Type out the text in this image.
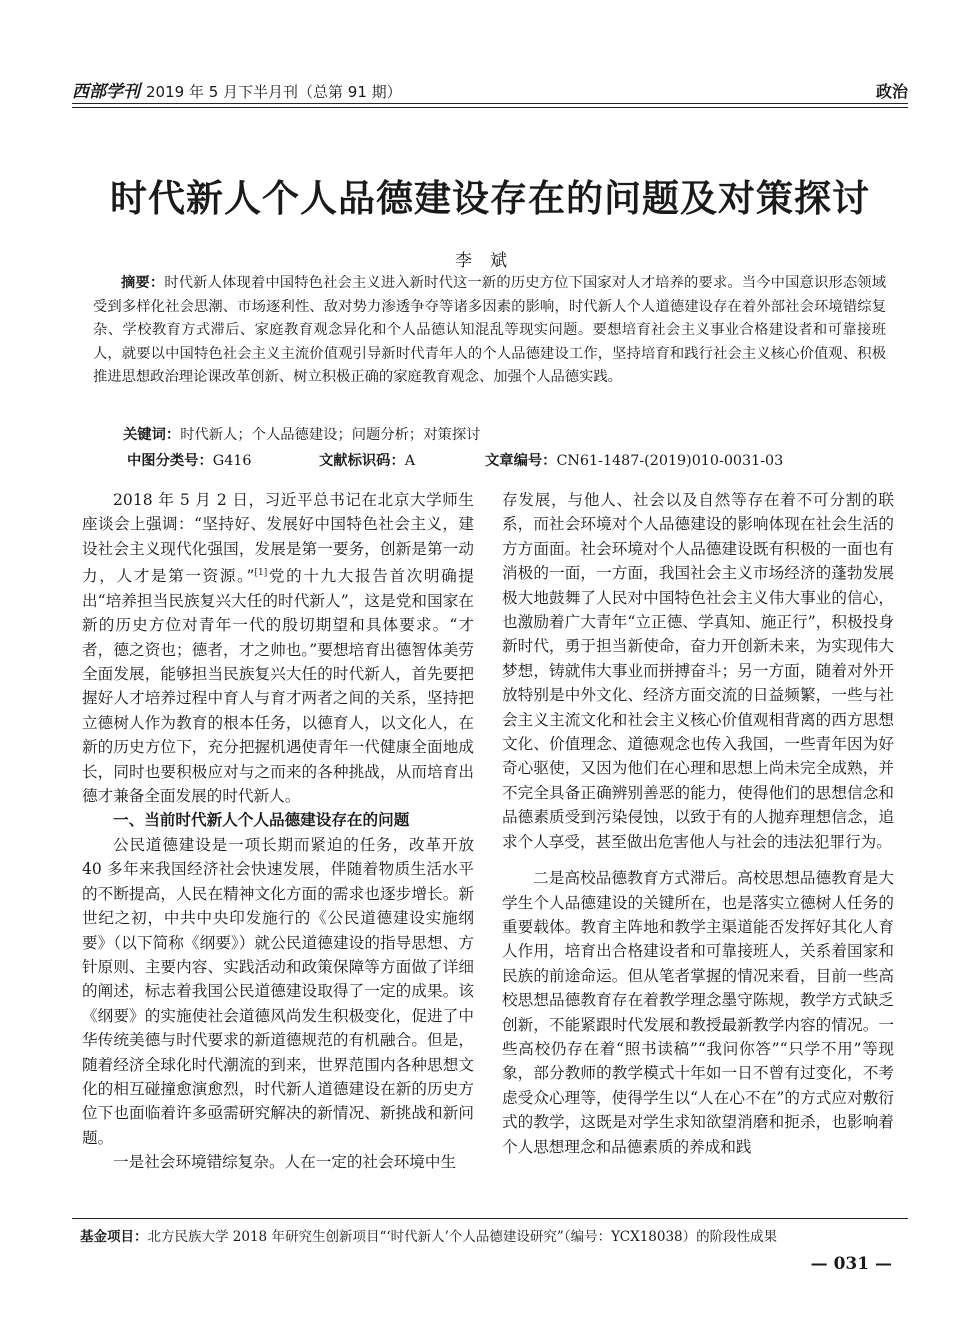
西部学刊 2019 年 5 月下半月刊（总第 91 期）	政治
时代新人个人品德建设存在的问题及对策探讨
李斌
摘要：时代新人体现着中国特色社会主义进入新时代这一新的历史方位下国家对人才培养的要求。当今中国意识形态领域受到多样化社会思潮、市场逐利性、敌对势力渗透争夺等诸多因素的影响，时代新人个人道德建设存在着外部社会环境错综复杂、学校教育方式滞后、家庭教育观念异化和个人品德认知混乱等现实问题。要想培育社会主义事业合格建设者和可靠接班人，就要以中国特色社会主义主流价值观引导新时代青年人的个人品德建设工作，坚持培育和践行社会主义核心价值观、积极推进思想政治理论课改革创新、树立积极正确的家庭教育观念、加强个人品德实践。
关键词：时代新人；个人品德建设；问题分析；对策探讨
中图分类号：G416	文献标识码：A	文章编号：CN61-1487-(2019)010-0031-03

2018 年 5 月 2 日，习近平总书记在北京大学师生座谈会上强调：“坚持好、发展好中国特色社会主义，建设社会主义现代化强国，发展是第一要务，创新是第一动力，人才是第一资源。”[1]党的十九大报告首次明确提出“培养担当民族复兴大任的时代新人”，这是党和国家在新的历史方位对青年一代的殷切期望和具体要求。“才者，德之资也；德者，才之帅也。”要想培育出德智体美劳全面发展，能够担当民族复兴大任的时代新人，首先要把握好人才培养过程中育人与育才两者之间的关系，坚持把立德树人作为教育的根本任务，以德育人，以文化人，在新的历史方位下，充分把握机遇使青年一代健康全面地成长，同时也要积极应对与之而来的各种挑战，从而培育出德才兼备全面发展的时代新人。

一、当前时代新人个人品德建设存在的问题

公民道德建设是一项长期而紧迫的任务，改革开放 40 多年来我国经济社会快速发展，伴随着物质生活水平的不断提高，人民在精神文化方面的需求也逐步增长。新世纪之初，中共中央印发施行的《公民道德建设实施纲要》（以下简称《纲要》）就公民道德建设的指导思想、方针原则、主要内容、实践活动和政策保障等方面做了详细的阐述，标志着我国公民道德建设取得了一定的成果。该《纲要》的实施使社会道德风尚发生积极变化，促进了中华传统美德与时代要求的新道德规范的有机融合。但是，随着经济全球化时代潮流的到来，世界范围内各种思想文化的相互碰撞愈演愈烈，时代新人道德建设在新的历史方位下也面临着许多亟需研究解决的新情况、新挑战和新问题。

一是社会环境错综复杂。人在一定的社会环境中生

存发展，与他人、社会以及自然等存在着不可分割的联系，而社会环境对个人品德建设的影响体现在社会生活的方方面面。社会环境对个人品德建设既有积极的一面也有消极的一面，一方面，我国社会主义市场经济的蓬勃发展极大地鼓舞了人民对中国特色社会主义伟大事业的信心，也激励着广大青年“立正德、学真知、施正行”，积极投身新时代，勇于担当新使命，奋力开创新未来，为实现伟大梦想，铸就伟大事业而拼搏奋斗；另一方面，随着对外开放特别是中外文化、经济方面交流的日益频繁，一些与社会主义主流文化和社会主义核心价值观相背离的西方思想文化、价值理念、道德观念也传入我国，一些青年因为好奇心驱使，又因为他们在心理和思想上尚未完全成熟，并不完全具备正确辨别善恶的能力，使得他们的思想信念和品德素质受到污染侵蚀，以致于有的人抛弃理想信念，追求个人享受，甚至做出危害他人与社会的违法犯罪行为。

二是高校品德教育方式滞后。高校思想品德教育是大学生个人品德建设的关键所在，也是落实立德树人任务的重要载体。教育主阵地和教学主渠道能否发挥好其化人育人作用，培育出合格建设者和可靠接班人，关系着国家和民族的前途命运。但从笔者掌握的情况来看，目前一些高校思想品德教育存在着教学理念墨守陈规，教学方式缺乏创新，不能紧跟时代发展和教授最新教学内容的情况。一些高校仍存在着“照书读稿”“我问你答”“只学不用”等现象，部分教师的教学模式十年如一日不曾有过变化，不考虑受众心理等，使得学生以“人在心不在”的方式应对敷衍式的教学，这既是对学生求知欲望消磨和扼杀，也影响着个人思想理念和品德素质的养成和践

基金项目：北方民族大学 2018 年研究生创新项目“‘时代新人’个人品德建设研究”（编号：YCX18038）的阶段性成果
— 031 —
